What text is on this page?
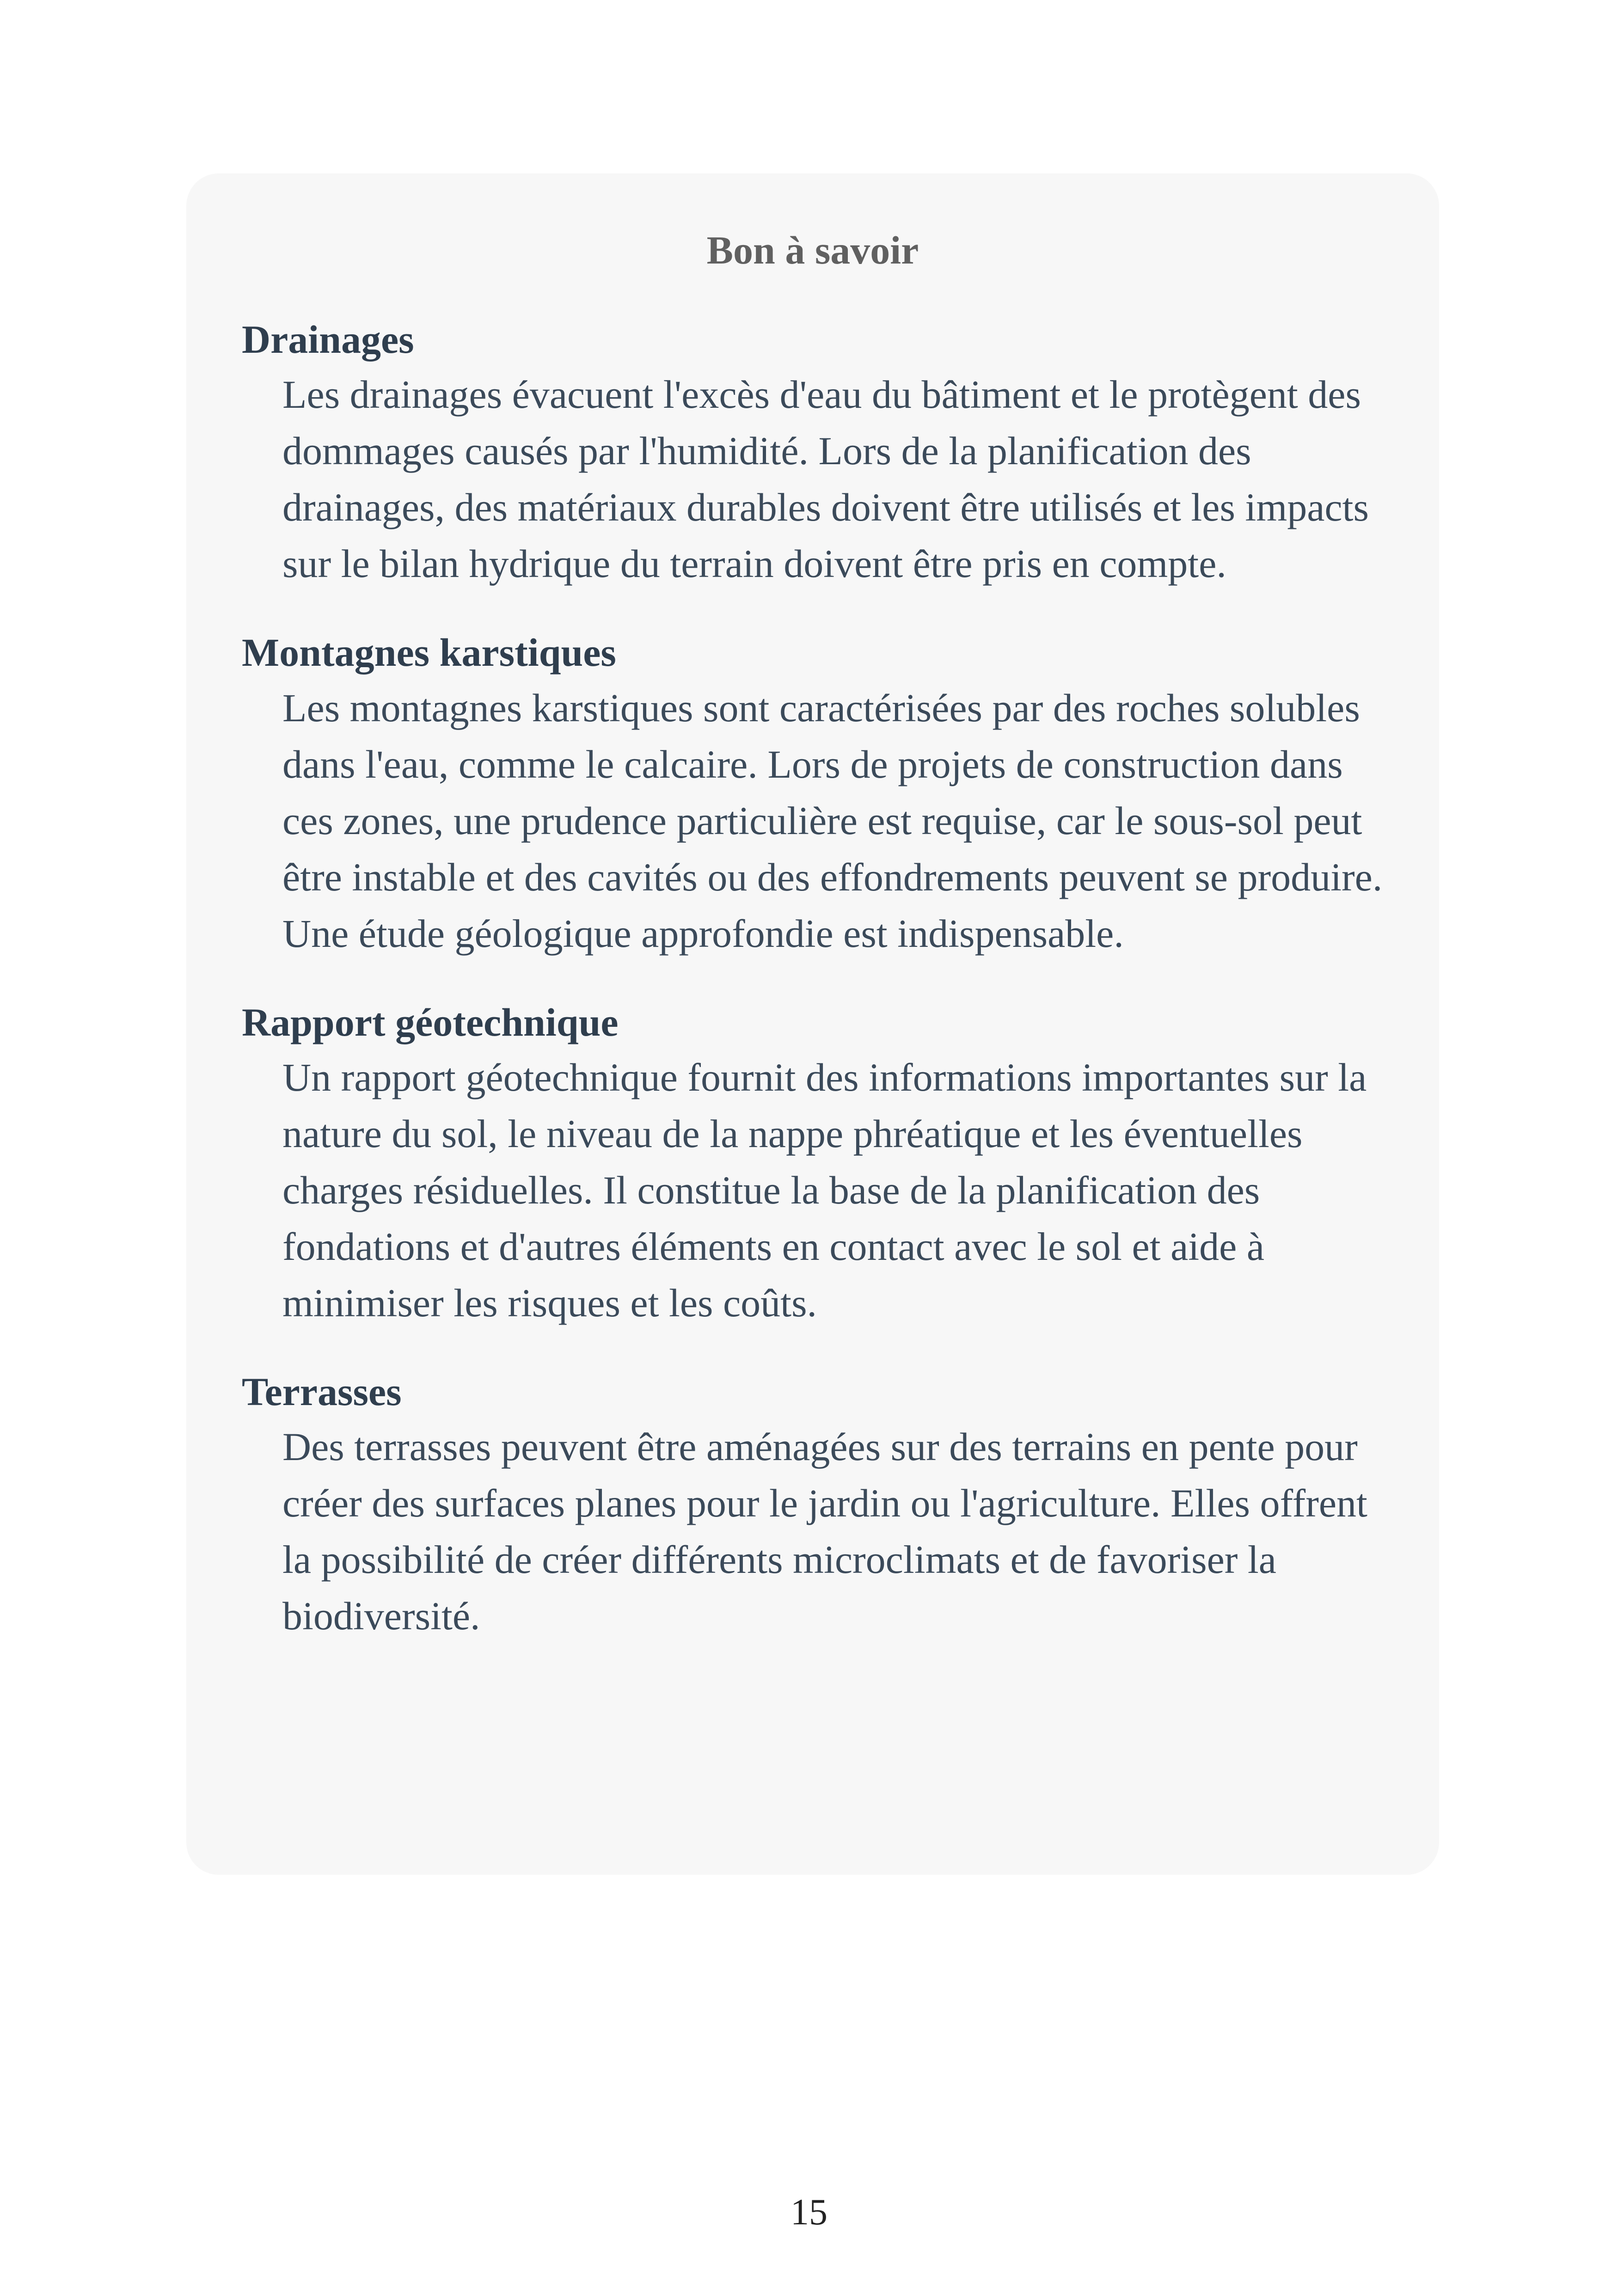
Bon à savoir

Drainages

Les drainages évacuent l'excès d'eau du bâtiment et le protègent des dommages causés par l'humidité. Lors de la planification des drainages, des matériaux durables doivent être utilisés et les impacts sur le bilan hydrique du terrain doivent être pris en compte.

Montagnes karstiques

Les montagnes karstiques sont caractérisées par des roches solubles dans l'eau, comme le calcaire. Lors de projets de construction dans ces zones, une prudence particulière est requise, car le sous-sol peut être instable et des cavités ou des effondrements peuvent se produire. Une étude géologique approfondie est indispensable.

Rapport géotechnique

Un rapport géotechnique fournit des informations importantes sur la nature du sol, le niveau de la nappe phréatique et les éventuelles charges résiduelles. Il constitue la base de la planification des fondations et d'autres éléments en contact avec le sol et aide à minimiser les risques et les coûts.

Terrasses

Des terrasses peuvent être aménagées sur des terrains en pente pour créer des surfaces planes pour le jardin ou l'agriculture. Elles offrent la possibilité de créer différents microclimats et de favoriser la biodiversité.

15
